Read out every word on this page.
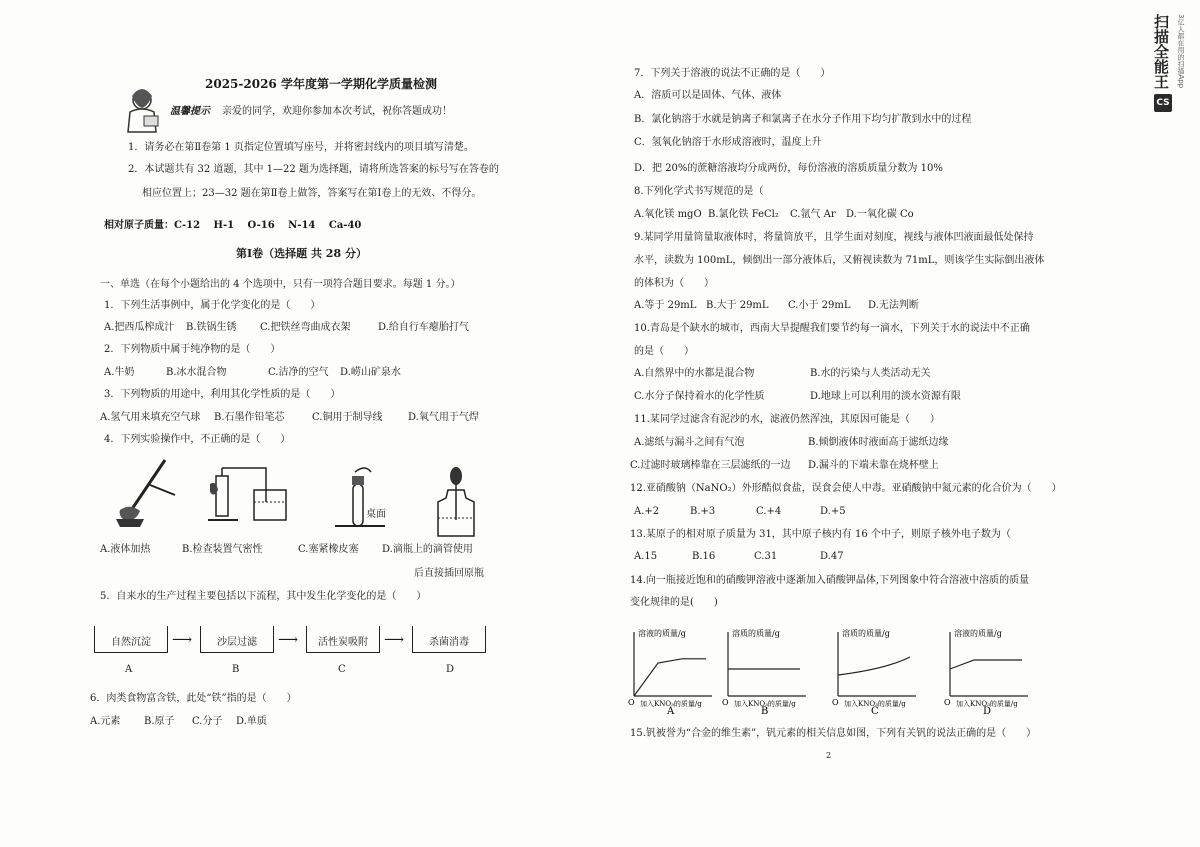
扫描全能王 3亿人都在用的扫描App
CS
2025-2026 学年度第一学期化学质量检测
温馨提示 亲爱的同学，欢迎你参加本次考试，祝你答题成功！
1．请务必在第Ⅱ卷第 1 页指定位置填写座号，并将密封线内的项目填写清楚。
2．本试题共有 32 道题，其中 1—22 题为选择题，请将所选答案的标号写在答卷的
相应位置上；23—32 题在第Ⅱ卷上做答，答案写在第Ⅰ卷上的无效、不得分。
相对原子质量：C-12　 H-1　 O-16　 N-14　 Ca-40
第Ⅰ卷（选择题 共 28 分）
一、单选（在每个小题给出的 4 个选项中，只有一项符合题目要求。每题 1 分。）
1．下列生活事例中，属于化学变化的是（　　）
A.把西瓜榨成汁 B.铁锅生锈 C.把铁丝弯曲成衣架	D.给自行车瘪胎打气
2．下列物质中属于纯净物的是（　　）
A.牛奶	B.冰水混合物	C.洁净的空气 D.崂山矿泉水
3．下列物质的用途中，利用其化学性质的是（　　）
A.氢气用来填充空气球 B.石墨作铅笔芯	C.铜用于制导线	D.氧气用于气焊
4．下列实验操作中，不正确的是（　　）
桌面
A.液体加热	B.检查装置气密性	C.塞紧橡皮塞 D.滴瓶上的滴管使用
后直接插回原瓶
5．自来水的生产过程主要包括以下流程，其中发生化学变化的是（　　）
自然沉淀	⟶	沙层过滤	⟶	活性炭吸附	⟶	杀菌消毒
A	B	C	D
6．肉类食物富含铁，此处“铁”指的是（　　）
A.元素 B.原子 C.分子 D.单质
7．下列关于溶液的说法不正确的是（　　）
A．溶质可以是固体、气体、液体
B．氯化钠溶于水就是钠离子和氯离子在水分子作用下均匀扩散到水中的过程
C．氢氧化钠溶于水形成溶液时，温度上升
D．把 20%的蔗糖溶液均分成两份，每份溶液的溶质质量分数为 10%
8.下列化学式书写规范的是（
A.氧化镁 mgO B.氯化铁 FeCl₂ C.氩气 Ar D.一氧化碳 Co
9.某同学用量筒量取液体时，将量筒放平，且学生面对刻度，视线与液体凹液面最低处保持
水平，读数为 100mL，倾倒出一部分液体后，又俯视读数为 71mL，则该学生实际倒出液体
的体积为（　　）
A.等于 29mL B.大于 29mL C.小于 29mL D.无法判断
10.青岛是个缺水的城市，西南大旱提醒我们要节约每一滴水，下列关于水的说法中不正确
的是（　　）
A.自然界中的水都是混合物	B.水的污染与人类活动无关
C.水分子保持着水的化学性质	D.地球上可以利用的淡水资源有限
11.某同学过滤含有泥沙的水，滤液仍然浑浊，其原因可能是（　　）
A.滤纸与漏斗之间有气泡	B.倾倒液体时液面高于滤纸边缘
C.过滤时玻璃棒靠在三层滤纸的一边 D.漏斗的下端未靠在烧杯壁上
12.亚硝酸钠（NaNO₂）外形酷似食盐，误食会使人中毒。亚硝酸钠中氮元素的化合价为（　　）
A.+2	B.+3	C.+4	D.+5
13.某原子的相对原子质量为 31，其中原子核内有 16 个中子，则原子核外电子数为（
A.15	B.16	C.31	D.47
14.向一瓶接近饱和的硝酸钾溶液中逐渐加入硝酸钾晶体,下列图象中符合溶液中溶质的质量
变化规律的是(　　)
溶液的质量/g
O 加入KNO₃的质量/g
A
溶质的质量/g
O 加入KNO₃的质量/g
B
溶质的质量/g
O 加入KNO₃的质量/g
C
溶液的质量/g
O 加入KNO₃的质量/g
D
15.钒被誉为“合金的维生素”，钒元素的相关信息如图，下列有关钒的说法正确的是（　　）
2
